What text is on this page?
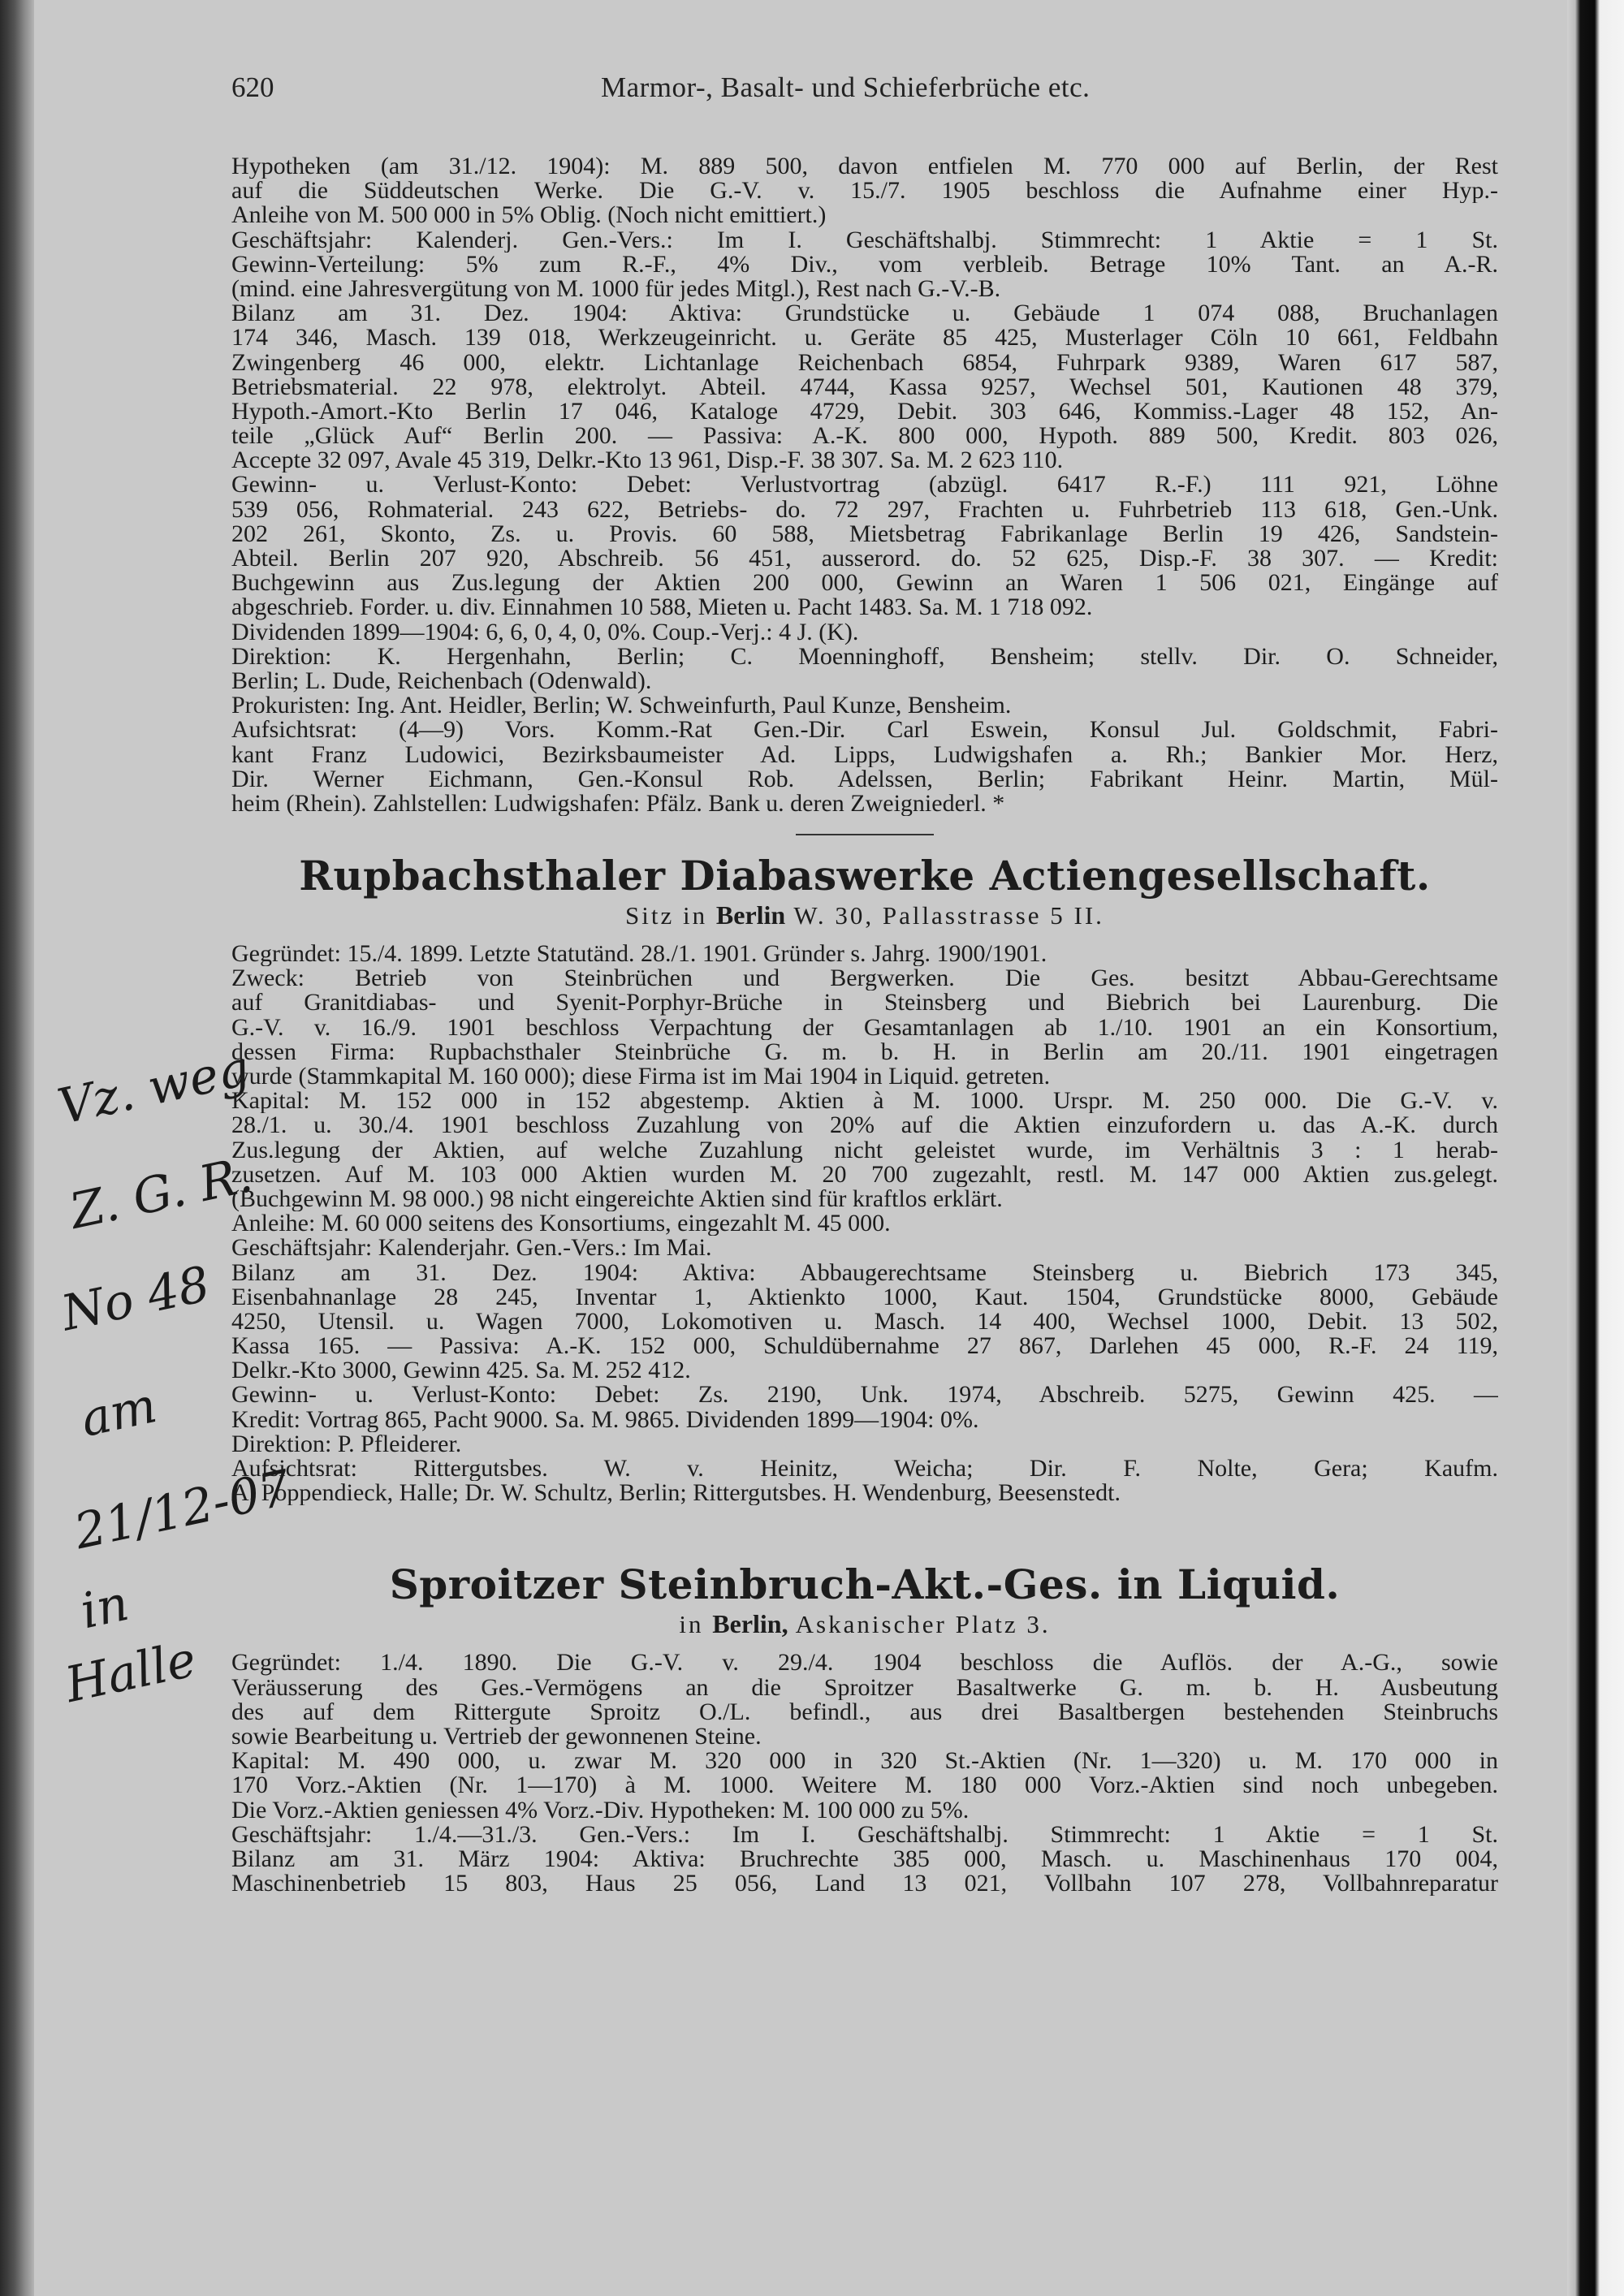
Vz. weg
Z. G. R.
No 48
am
21/12-07
in
Halle
620	Marmor-, Basalt- und Schieferbrüche etc.
Hypotheken (am 31./12. 1904): M. 889 500, davon entfielen M. 770 000 auf Berlin, der Rest
auf die Süddeutschen Werke. Die G.-V. v. 15./7. 1905 beschloss die Aufnahme einer Hyp.-
Anleihe von M. 500 000 in 5% Oblig. (Noch nicht emittiert.)
Geschäftsjahr: Kalenderj. Gen.-Vers.: Im I. Geschäftshalbj. Stimmrecht: 1 Aktie = 1 St.
Gewinn-Verteilung: 5% zum R.-F., 4% Div., vom verbleib. Betrage 10% Tant. an A.-R.
(mind. eine Jahresvergütung von M. 1000 für jedes Mitgl.), Rest nach G.-V.-B.
Bilanz am 31. Dez. 1904: Aktiva: Grundstücke u. Gebäude 1 074 088, Bruchanlagen
174 346, Masch. 139 018, Werkzeugeinricht. u. Geräte 85 425, Musterlager Cöln 10 661, Feldbahn
Zwingenberg 46 000, elektr. Lichtanlage Reichenbach 6854, Fuhrpark 9389, Waren 617 587,
Betriebsmaterial. 22 978, elektrolyt. Abteil. 4744, Kassa 9257, Wechsel 501, Kautionen 48 379,
Hypoth.-Amort.-Kto Berlin 17 046, Kataloge 4729, Debit. 303 646, Kommiss.-Lager 48 152, An-
teile „Glück Auf“ Berlin 200. — Passiva: A.-K. 800 000, Hypoth. 889 500, Kredit. 803 026,
Accepte 32 097, Avale 45 319, Delkr.-Kto 13 961, Disp.-F. 38 307. Sa. M. 2 623 110.
Gewinn- u. Verlust-Konto: Debet: Verlustvortrag (abzügl. 6417 R.-F.) 111 921, Löhne
539 056, Rohmaterial. 243 622, Betriebs- do. 72 297, Frachten u. Fuhrbetrieb 113 618, Gen.-Unk.
202 261, Skonto, Zs. u. Provis. 60 588, Mietsbetrag Fabrikanlage Berlin 19 426, Sandstein-
Abteil. Berlin 207 920, Abschreib. 56 451, ausserord. do. 52 625, Disp.-F. 38 307. — Kredit:
Buchgewinn aus Zus.legung der Aktien 200 000, Gewinn an Waren 1 506 021, Eingänge auf
abgeschrieb. Forder. u. div. Einnahmen 10 588, Mieten u. Pacht 1483. Sa. M. 1 718 092.
Dividenden 1899—1904: 6, 6, 0, 4, 0, 0%. Coup.-Verj.: 4 J. (K).
Direktion: K. Hergenhahn, Berlin; C. Moenninghoff, Bensheim; stellv. Dir. O. Schneider,
Berlin; L. Dude, Reichenbach (Odenwald).
Prokuristen: Ing. Ant. Heidler, Berlin; W. Schweinfurth, Paul Kunze, Bensheim.
Aufsichtsrat: (4—9) Vors. Komm.-Rat Gen.-Dir. Carl Eswein, Konsul Jul. Goldschmit, Fabri-
kant Franz Ludowici, Bezirksbaumeister Ad. Lipps, Ludwigshafen a. Rh.; Bankier Mor. Herz,
Dir. Werner Eichmann, Gen.-Konsul Rob. Adelssen, Berlin; Fabrikant Heinr. Martin, Mül-
heim (Rhein). Zahlstellen: Ludwigshafen: Pfälz. Bank u. deren Zweigniederl. *
Rupbachsthaler Diabaswerke Actiengesellschaft.
Sitz in Berlin W. 30, Pallasstrasse 5 II.
Gegründet: 15./4. 1899. Letzte Statutänd. 28./1. 1901. Gründer s. Jahrg. 1900/1901.
Zweck: Betrieb von Steinbrüchen und Bergwerken. Die Ges. besitzt Abbau-Gerechtsame
auf Granitdiabas- und Syenit-Porphyr-Brüche in Steinsberg und Biebrich bei Laurenburg. Die
G.-V. v. 16./9. 1901 beschloss Verpachtung der Gesamtanlagen ab 1./10. 1901 an ein Konsortium,
dessen Firma: Rupbachsthaler Steinbrüche G. m. b. H. in Berlin am 20./11. 1901 eingetragen
wurde (Stammkapital M. 160 000); diese Firma ist im Mai 1904 in Liquid. getreten.
Kapital: M. 152 000 in 152 abgestemp. Aktien à M. 1000. Urspr. M. 250 000. Die G.-V. v.
28./1. u. 30./4. 1901 beschloss Zuzahlung von 20% auf die Aktien einzufordern u. das A.-K. durch
Zus.legung der Aktien, auf welche Zuzahlung nicht geleistet wurde, im Verhältnis 3 : 1 herab-
zusetzen. Auf M. 103 000 Aktien wurden M. 20 700 zugezahlt, restl. M. 147 000 Aktien zus.gelegt.
(Buchgewinn M. 98 000.) 98 nicht eingereichte Aktien sind für kraftlos erklärt.
Anleihe: M. 60 000 seitens des Konsortiums, eingezahlt M. 45 000.
Geschäftsjahr: Kalenderjahr. Gen.-Vers.: Im Mai.
Bilanz am 31. Dez. 1904: Aktiva: Abbaugerechtsame Steinsberg u. Biebrich 173 345,
Eisenbahnanlage 28 245, Inventar 1, Aktienkto 1000, Kaut. 1504, Grundstücke 8000, Gebäude
4250, Utensil. u. Wagen 7000, Lokomotiven u. Masch. 14 400, Wechsel 1000, Debit. 13 502,
Kassa 165. — Passiva: A.-K. 152 000, Schuldübernahme 27 867, Darlehen 45 000, R.-F. 24 119,
Delkr.-Kto 3000, Gewinn 425. Sa. M. 252 412.
Gewinn- u. Verlust-Konto: Debet: Zs. 2190, Unk. 1974, Abschreib. 5275, Gewinn 425. —
Kredit: Vortrag 865, Pacht 9000. Sa. M. 9865. Dividenden 1899—1904: 0%.
Direktion: P. Pfleiderer.
Aufsichtsrat: Rittergutsbes. W. v. Heinitz, Weicha; Dir. F. Nolte, Gera; Kaufm.
A. Poppendieck, Halle; Dr. W. Schultz, Berlin; Rittergutsbes. H. Wendenburg, Beesenstedt.
Sproitzer Steinbruch-Akt.-Ges. in Liquid.
in Berlin, Askanischer Platz 3.
Gegründet: 1./4. 1890. Die G.-V. v. 29./4. 1904 beschloss die Auflös. der A.-G., sowie
Veräusserung des Ges.-Vermögens an die Sproitzer Basaltwerke G. m. b. H. Ausbeutung
des auf dem Rittergute Sproitz O./L. befindl., aus drei Basaltbergen bestehenden Steinbruchs
sowie Bearbeitung u. Vertrieb der gewonnenen Steine.
Kapital: M. 490 000, u. zwar M. 320 000 in 320 St.-Aktien (Nr. 1—320) u. M. 170 000 in
170 Vorz.-Aktien (Nr. 1—170) à M. 1000. Weitere M. 180 000 Vorz.-Aktien sind noch unbegeben.
Die Vorz.-Aktien geniessen 4% Vorz.-Div. Hypotheken: M. 100 000 zu 5%.
Geschäftsjahr: 1./4.—31./3. Gen.-Vers.: Im I. Geschäftshalbj. Stimmrecht: 1 Aktie = 1 St.
Bilanz am 31. März 1904: Aktiva: Bruchrechte 385 000, Masch. u. Maschinenhaus 170 004,
Maschinenbetrieb 15 803, Haus 25 056, Land 13 021, Vollbahn 107 278, Vollbahnreparatur
